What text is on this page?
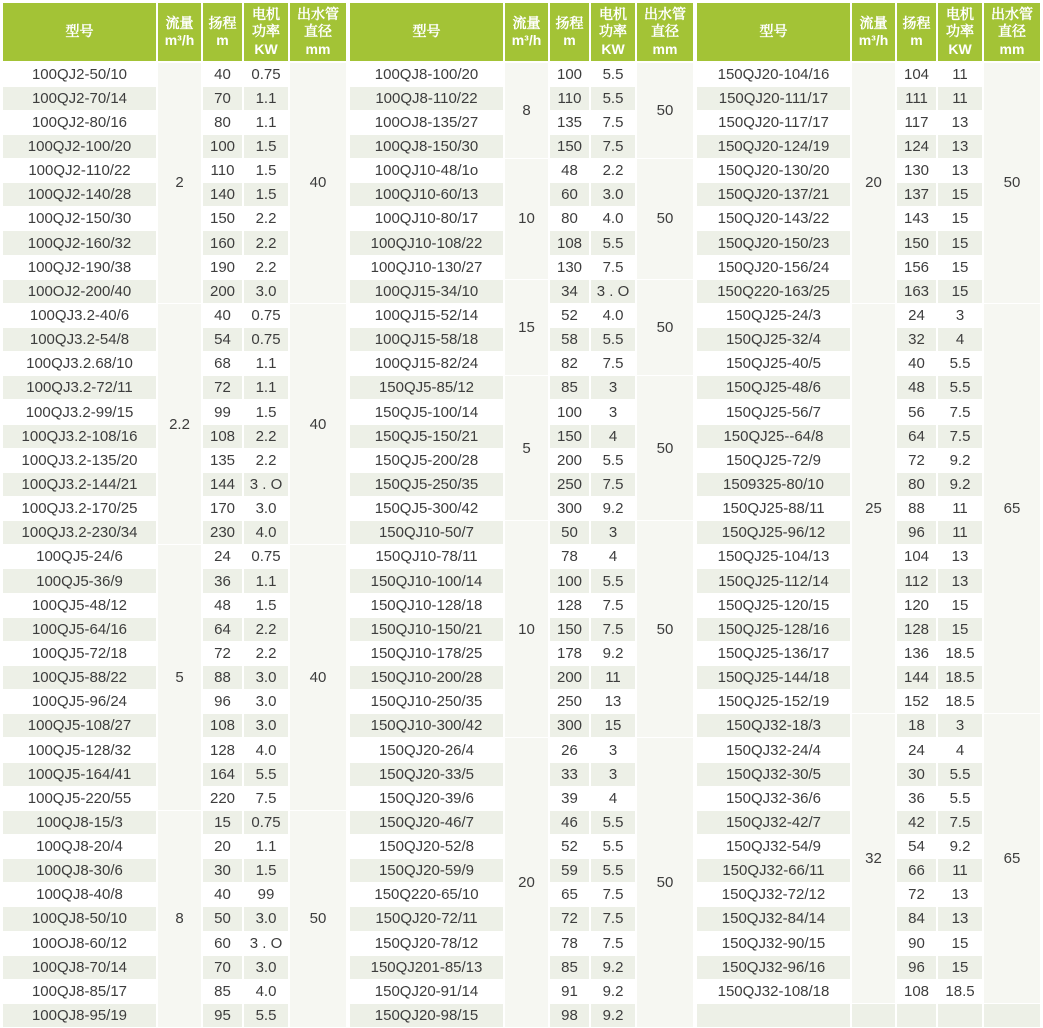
型号	流量
m³/h	扬程
m	电机
功率
KW	出水管
直径
mm
100QJ2-50/10	2	40	0.75	40
100QJ2-70/14		70	1.1	
100QJ2-80/16		80	1.1	
100QJ2-100/20		100	1.5	
100QJ2-110/22		110	1.5	
100QJ2-140/28		140	1.5	
100QJ2-150/30		150	2.2	
100QJ2-160/32		160	2.2	
100QJ2-190/38		190	2.2	
100OJ2-200/40		200	3.0	
100QJ3.2-40/6	2.2	40	0.75	40
100QJ3.2-54/8		54	0.75	
100QJ3.2.68/10		68	1.1	
100QJ3.2-72/11		72	1.1	
100QJ3.2-99/15		99	1.5	
100QJ3.2-108/16		108	2.2	
100QJ3.2-135/20		135	2.2	
100QJ3.2-144/21		144	3 . O	
100QJ3.2-170/25		170	3.0	
100QJ3.2-230/34		230	4.0	
100QJ5-24/6	5	24	0.75	40
100QJ5-36/9		36	1.1	
100QJ5-48/12		48	1.5	
100QJ5-64/16		64	2.2	
100QJ5-72/18		72	2.2	
100QJ5-88/22		88	3.0	
100QJ5-96/24		96	3.0	
100QJ5-108/27		108	3.0	
100QJ5-128/32		128	4.0	
100QJ5-164/41		164	5.5	
100QJ5-220/55		220	7.5	
100QJ8-15/3	8	15	0.75	50
100QJ8-20/4		20	1.1	
100QJ8-30/6		30	1.5	
100QJ8-40/8		40	99	
100QJ8-50/10		50	3.0	
100OJ8-60/12		60	3 . O	
100QJ8-70/14		70	3.0	
100QJ8-85/17		85	4.0	
100QJ8-95/19		95	5.5	
型号	流量
m³/h	扬程
m	电机
功率
KW	出水管
直径
mm
100QJ8-100/20	8	100	5.5	50
100QJ8-110/22		110	5.5	
100OJ8-135/27		135	7.5	
100QJ8-150/30		150	7.5	
100QJ10-48/1o	10	48	2.2	50
100QJ10-60/13		60	3.0	
100QJ10-80/17		80	4.0	
100QJ10-108/22		108	5.5	
100QJ10-130/27		130	7.5	
100QJ15-34/10	15	34	3 . O	50
100QJ15-52/14		52	4.0	
100QJ15-58/18		58	5.5	
100QJ15-82/24		82	7.5	
150QJ5-85/12	5	85	3	50
150QJ5-100/14		100	3	
150QJ5-150/21		150	4	
150QJ5-200/28		200	5.5	
150QJ5-250/35		250	7.5	
150QJ5-300/42		300	9.2	
150QJ10-50/7	10	50	3	50
150QJ10-78/11		78	4	
150QJ10-100/14		100	5.5	
150QJ10-128/18		128	7.5	
150QJ10-150/21		150	7.5	
150QJ10-178/25		178	9.2	
150QJ10-200/28		200	11	
150QJ10-250/35		250	13	
150QJ10-300/42		300	15	
150QJ20-26/4	20	26	3	50
150QJ20-33/5		33	3	
150QJ20-39/6		39	4	
150QJ20-46/7		46	5.5	
150QJ20-52/8		52	5.5	
150QJ20-59/9		59	5.5	
150Q220-65/10		65	7.5	
150QJ20-72/11		72	7.5	
150QJ20-78/12		78	7.5	
150QJ201-85/13		85	9.2	
150QJ20-91/14		91	9.2	
150QJ20-98/15		98	9.2	
型号	流量
m³/h	扬程
m	电机
功率
KW	出水管
直径
mm
150QJ20-104/16	20	104	11	50
150QJ20-111/17		111	11	
150QJ20-117/17		117	13	
150QJ20-124/19		124	13	
150QJ20-130/20		130	13	
150QJ20-137/21		137	15	
150QJ20-143/22		143	15	
150QJ20-150/23		150	15	
150QJ20-156/24		156	15	
150Q220-163/25		163	15	
150QJ25-24/3	25	24	3	65
150QJ25-32/4		32	4	
150QJ25-40/5		40	5.5	
150QJ25-48/6		48	5.5	
150QJ25-56/7		56	7.5	
150QJ25--64/8		64	7.5	
150QJ25-72/9		72	9.2	
1509325-80/10		80	9.2	
150QJ25-88/11		88	11	
150QJ25-96/12		96	11	
150QJ25-104/13		104	13	
150QJ25-112/14		112	13	
150QJ25-120/15		120	15	
150QJ25-128/16		128	15	
150QJ25-136/17		136	18.5	
150QJ25-144/18		144	18.5	
150QJ25-152/19		152	18.5	
150QJ32-18/3	32	18	3	65
150QJ32-24/4		24	4	
150QJ32-30/5		30	5.5	
150QJ32-36/6		36	5.5	
150QJ32-42/7		42	7.5	
150QJ32-54/9		54	9.2	
150QJ32-66/11		66	11	
150QJ32-72/12		72	13	
150QJ32-84/14		84	13	
150QJ32-90/15		90	15	
150QJ32-96/16		96	15	
150QJ32-108/18		108	18.5	
